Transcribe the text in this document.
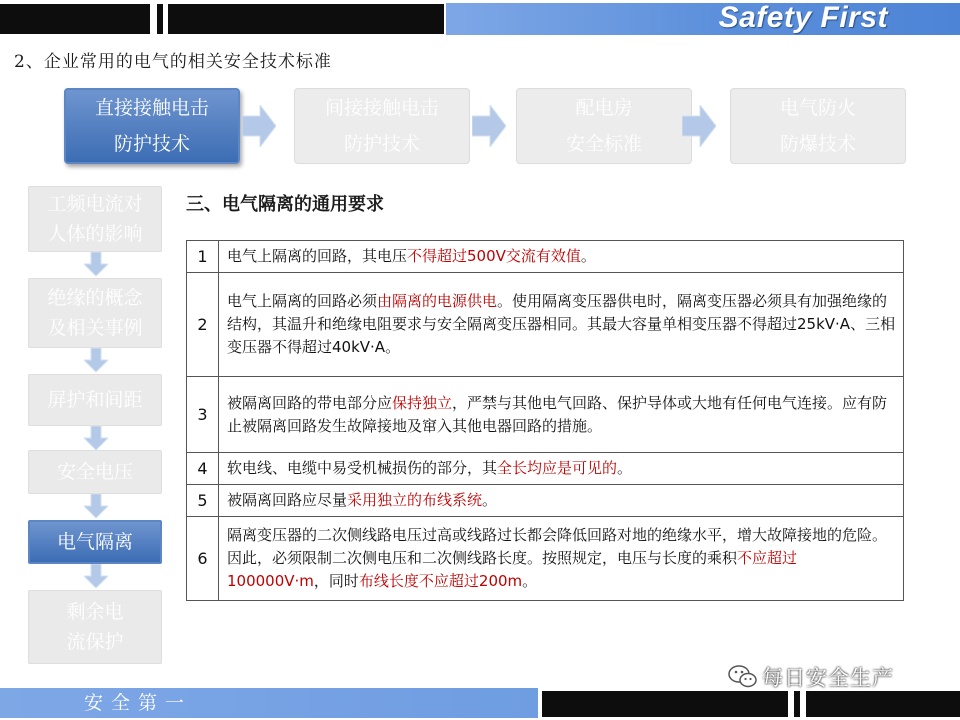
Safety First
2、企业常用的电气的相关安全技术标准
直接接触电击
防护技术
间接接触电击
防护技术
配电房
安全标准
电气防火
防爆技术
工频电流对
人体的影响
绝缘的概念
及相关事例
屏护和间距
安全电压
电气隔离
剩余电
流保护
三、电气隔离的通用要求
1	电气上隔离的回路，其电压不得超过500V交流有效值。
2	电气上隔离的回路必须由隔离的电源供电。使用隔离变压器供电时，隔离变压器必须具有加强绝缘的结构，其温升和绝缘电阻要求与安全隔离变压器相同。其最大容量单相变压器不得超过25kV·A、三相变压器不得超过40kV·A。
3	被隔离回路的带电部分应保持独立，严禁与其他电气回路、保护导体或大地有任何电气连接。应有防止被隔离回路发生故障接地及窜入其他电器回路的措施。
4	软电线、电缆中易受机械损伤的部分，其全长均应是可见的。
5	被隔离回路应尽量采用独立的布线系统。
6	隔离变压器的二次侧线路电压过高或线路过长都会降低回路对地的绝缘水平，增大故障接地的危险。因此，必须限制二次侧电压和二次侧线路长度。按照规定，电压与长度的乘积不应超过100000V·m，同时布线长度不应超过200m。
安全第一
每日安全生产
